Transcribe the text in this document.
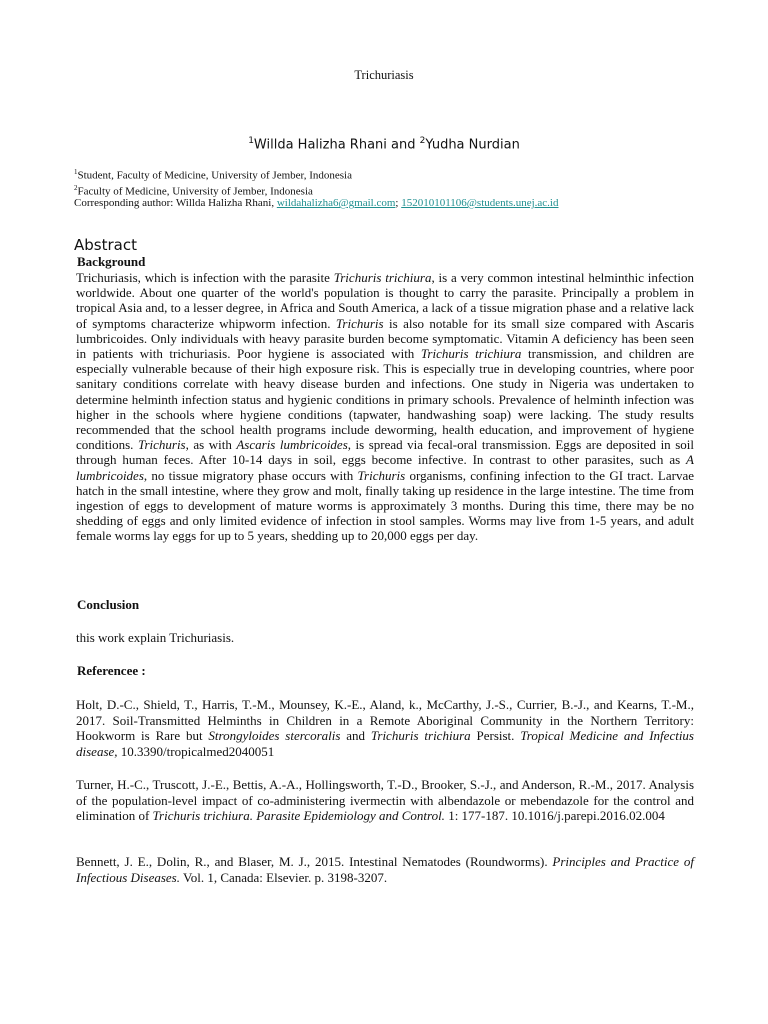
Trichuriasis
$^1$Willda Halizha Rhani and $^2$Yudha Nurdian
$^1$Student, Faculty of Medicine, University of Jember, Indonesia
$^2$Faculty of Medicine, University of Jember, Indonesia
Corresponding author: Willda Halizha Rhani, wildahalizha6@gmail.com; 152010101106@students.unej.ac.id
Abstract
Background
Trichuriasis, which is infection with the parasite Trichuris trichiura, is a very common intestinal helminthic infection worldwide. About one quarter of the world's population is thought to carry the parasite. Principally a problem in tropical Asia and, to a lesser degree, in Africa and South America, a lack of a tissue migration phase and a relative lack of symptoms characterize whipworm infection. Trichuris is also notable for its small size compared with Ascaris lumbricoides. Only individuals with heavy parasite burden become symptomatic. Vitamin A deficiency has been seen in patients with trichuriasis. Poor hygiene is associated with Trichuris trichiura transmission, and children are especially vulnerable because of their high exposure risk. This is especially true in developing countries, where poor sanitary conditions correlate with heavy disease burden and infections. One study in Nigeria was undertaken to determine helminth infection status and hygienic conditions in primary schools. Prevalence of helminth infection was higher in the schools where hygiene conditions (tapwater, handwashing soap) were lacking. The study results recommended that the school health programs include deworming, health education, and improvement of hygiene conditions. Trichuris, as with Ascaris lumbricoides, is spread via fecal-oral transmission. Eggs are deposited in soil through human feces. After 10-14 days in soil, eggs become infective. In contrast to other parasites, such as A lumbricoides, no tissue migratory phase occurs with Trichuris organisms, confining infection to the GI tract. Larvae hatch in the small intestine, where they grow and molt, finally taking up residence in the large intestine. The time from ingestion of eggs to development of mature worms is approximately 3 months. During this time, there may be no shedding of eggs and only limited evidence of infection in stool samples. Worms may live from 1-5 years, and adult female worms lay eggs for up to 5 years, shedding up to 20,000 eggs per day.
Conclusion
this work explain Trichuriasis.
Referencee :
Holt, D.-C., Shield, T., Harris, T.-M., Mounsey, K.-E., Aland, k., McCarthy, J.-S., Currier, B.-J., and Kearns, T.-M., 2017. Soil-Transmitted Helminths in Children in a Remote Aboriginal Community in the Northern Territory: Hookworm is Rare but Strongyloides stercoralis and Trichuris trichiura Persist. Tropical Medicine and Infectius disease, 10.3390/tropicalmed2040051
Turner, H.-C., Truscott, J.-E., Bettis, A.-A., Hollingsworth, T.-D., Brooker, S.-J., and Anderson, R.-M., 2017. Analysis of the population-level impact of co-administering ivermectin with albendazole or mebendazole for the control and elimination of Trichuris trichiura. Parasite Epidemiology and Control. 1: 177-187. 10.1016/j.parepi.2016.02.004
Bennett, J. E., Dolin, R., and Blaser, M. J., 2015. Intestinal Nematodes (Roundworms). Principles and Practice of Infectious Diseases. Vol. 1, Canada: Elsevier. p. 3198-3207.
